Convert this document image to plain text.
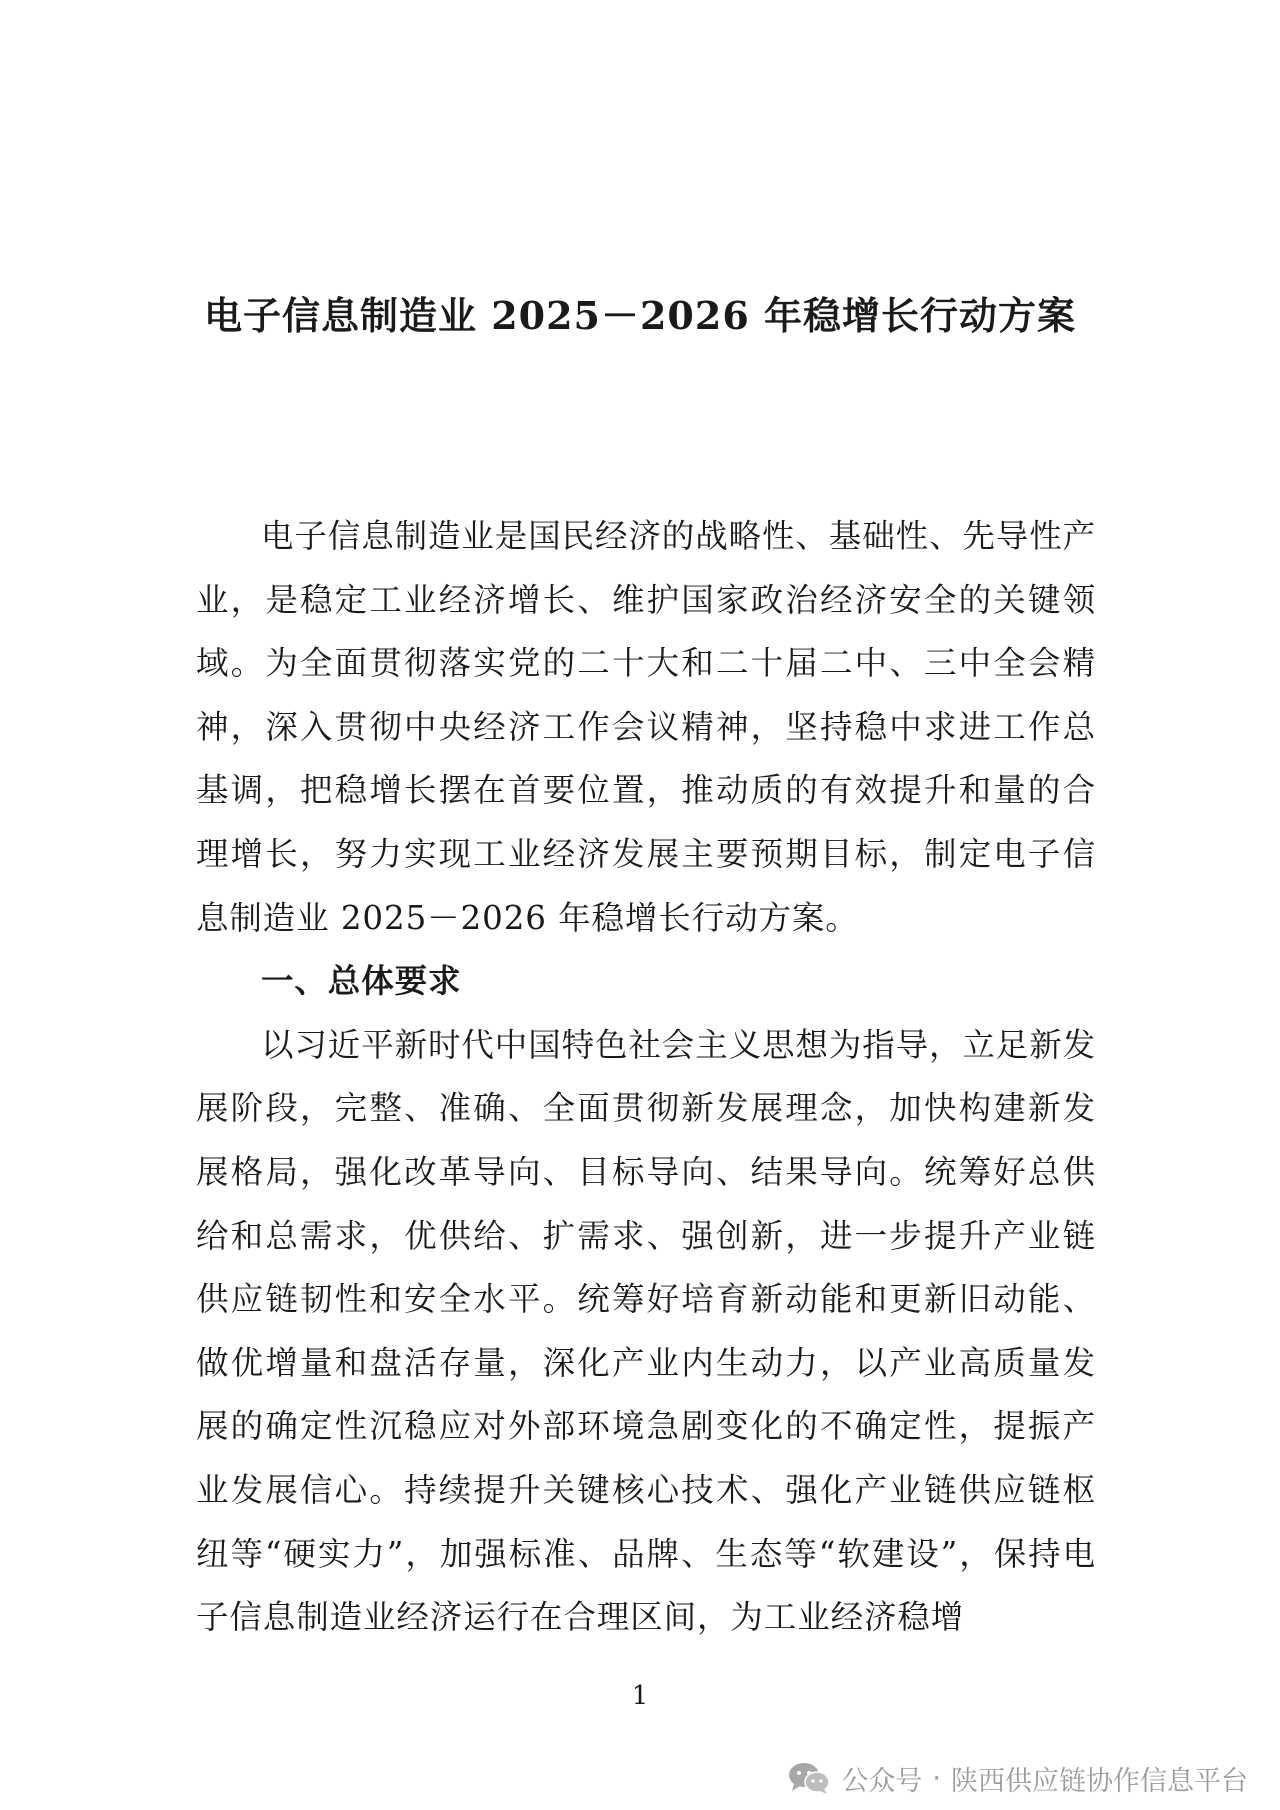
电子信息制造业 2025－2026 年稳增长行动方案

电子信息制造业是国民经济的战略性、基础性、先导性产业，是稳定工业经济增长、维护国家政治经济安全的关键领域。为全面贯彻落实党的二十大和二十届二中、三中全会精神，深入贯彻中央经济工作会议精神，坚持稳中求进工作总基调，把稳增长摆在首要位置，推动质的有效提升和量的合理增长，努力实现工业经济发展主要预期目标，制定电子信息制造业 2025－2026 年稳增长行动方案。

一、总体要求

以习近平新时代中国特色社会主义思想为指导，立足新发展阶段，完整、准确、全面贯彻新发展理念，加快构建新发展格局，强化改革导向、目标导向、结果导向。统筹好总供给和总需求，优供给、扩需求、强创新，进一步提升产业链供应链韧性和安全水平。统筹好培育新动能和更新旧动能、做优增量和盘活存量，深化产业内生动力，以产业高质量发展的确定性沉稳应对外部环境急剧变化的不确定性，提振产业发展信心。持续提升关键核心技术、强化产业链供应链枢纽等“硬实力”，加强标准、品牌、生态等“软建设”，保持电子信息制造业经济运行在合理区间，为工业经济稳增

1
公众号 · 陕西供应链协作信息平台
